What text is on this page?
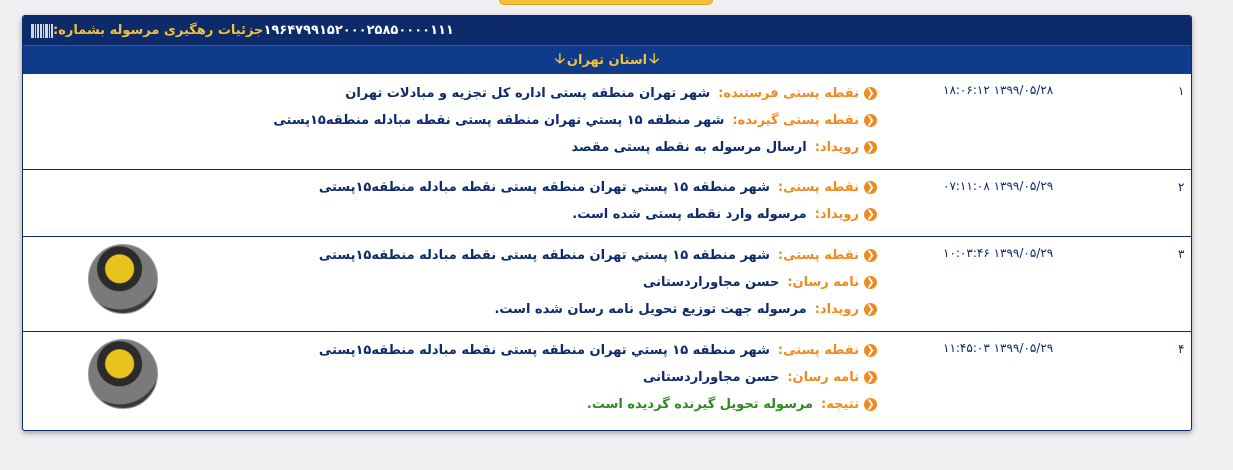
جزئیات رهگیری مرسوله بشماره: ۱۹۶۴۷۹۹۱۵۲۰۰۰۲۵۸۵۰۰۰۰۱۱۱
🡣 استان تهران 🡣
۱
۱۸:۰۶:۱۲ ۱۳۹۹/۰۵/۲۸
❮
نقطه پستی فرستنده:
شهر تهران منطقه پستی اداره کل تجزیه و مبادلات تهران
❮
نقطه پستی گیرنده:
شهر منطقه ۱۵ پستي تهران منطقه پستی نقطه مبادله منطقه۱۵پستی
❮
رویداد:
ارسال مرسوله به نقطه پستی مقصد
۲
۰۷:۱۱:۰۸ ۱۳۹۹/۰۵/۲۹
❮
نقطه پستی:
شهر منطقه ۱۵ پستي تهران منطقه پستی نقطه مبادله منطقه۱۵پستی
❮
رویداد:
مرسوله وارد نقطه پستی شده است.
۳
۱۰:۰۳:۴۶ ۱۳۹۹/۰۵/۲۹
❮
نقطه پستی:
شهر منطقه ۱۵ پستي تهران منطقه پستی نقطه مبادله منطقه۱۵پستی
❮
نامه رسان:
حسن مجاوراردستانی
❮
رویداد:
مرسوله جهت توزیع تحویل نامه رسان شده است.
۴
۱۱:۴۵:۰۳ ۱۳۹۹/۰۵/۲۹
❮
نقطه پستی:
شهر منطقه ۱۵ پستي تهران منطقه پستی نقطه مبادله منطقه۱۵پستی
❮
نامه رسان:
حسن مجاوراردستانی
❮
نتیجه:
مرسوله تحویل گیرنده گردیده است.
